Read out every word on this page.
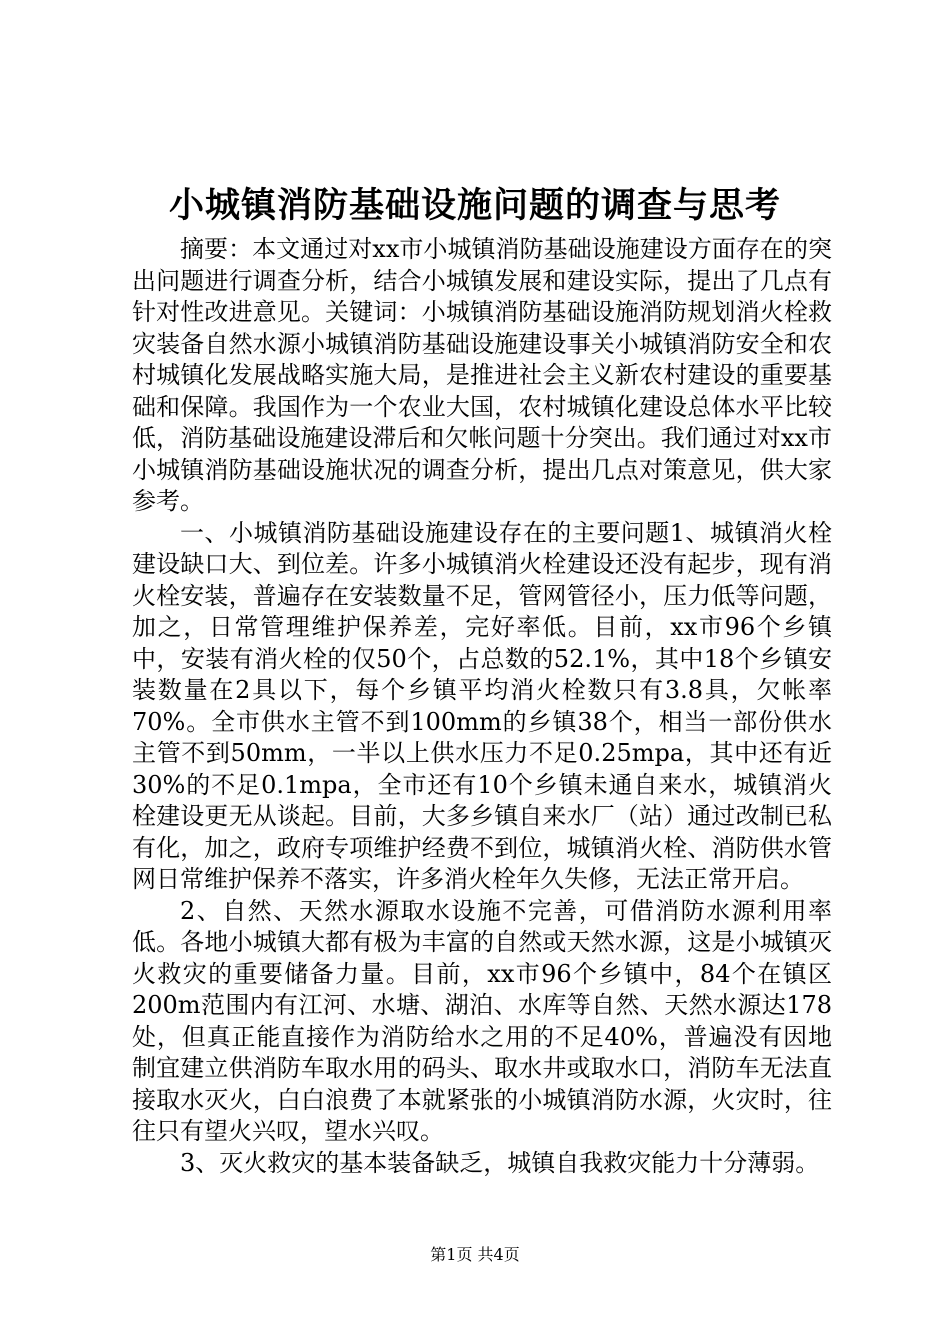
小城镇消防基础设施问题的调查与思考

摘要：本文通过对xx市小城镇消防基础设施建设方面存在的突出问题进行调查分析，结合小城镇发展和建设实际，提出了几点有针对性改进意见。关键词：小城镇消防基础设施消防规划消火栓救灾装备自然水源小城镇消防基础设施建设事关小城镇消防安全和农村城镇化发展战略实施大局，是推进社会主义新农村建设的重要基础和保障。我国作为一个农业大国，农村城镇化建设总体水平比较低，消防基础设施建设滞后和欠帐问题十分突出。我们通过对xx市小城镇消防基础设施状况的调查分析，提出几点对策意见，供大家参考。

一、小城镇消防基础设施建设存在的主要问题1、城镇消火栓建设缺口大、到位差。许多小城镇消火栓建设还没有起步，现有消火栓安装，普遍存在安装数量不足，管网管径小，压力低等问题，加之，日常管理维护保养差，完好率低。目前，xx市96个乡镇中，安装有消火栓的仅50个，占总数的52.1%，其中18个乡镇安装数量在2具以下，每个乡镇平均消火栓数只有3.8具，欠帐率70%。全市供水主管不到100mm的乡镇38个，相当一部份供水主管不到50mm，一半以上供水压力不足0.25mpa，其中还有近30%的不足0.1mpa，全市还有10个乡镇未通自来水，城镇消火栓建设更无从谈起。目前，大多乡镇自来水厂（站）通过改制已私有化，加之，政府专项维护经费不到位，城镇消火栓、消防供水管网日常维护保养不落实，许多消火栓年久失修，无法正常开启。

2、自然、天然水源取水设施不完善，可借消防水源利用率低。各地小城镇大都有极为丰富的自然或天然水源，这是小城镇灭火救灾的重要储备力量。目前，xx市96个乡镇中，84个在镇区200m范围内有江河、水塘、湖泊、水库等自然、天然水源达178处，但真正能直接作为消防给水之用的不足40%，普遍没有因地制宜建立供消防车取水用的码头、取水井或取水口，消防车无法直接取水灭火，白白浪费了本就紧张的小城镇消防水源，火灾时，往往只有望火兴叹，望水兴叹。

3、灭火救灾的基本装备缺乏，城镇自我救灾能力十分薄弱。

第1页 共4页
